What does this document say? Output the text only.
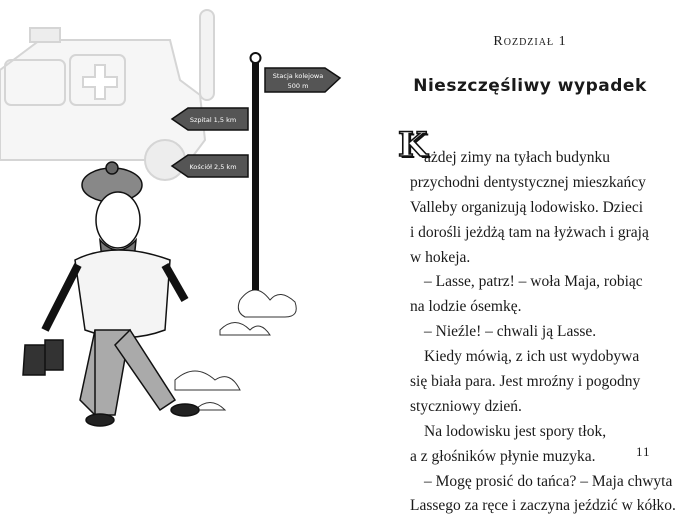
Stacja kolejowa
500 m
Szpital 1,5 km
Kościół 2,5 km
Rozdział 1
Nieszczęśliwy wypadek
K
ażdej zimy na tyłach budynku
przychodni dentystycznej mieszkańcy
Valleby organizują lodowisko. Dzieci
i dorośli jeżdżą tam na łyżwach i grają
w hokeja.
– Lasse, patrz! – woła Maja, robiąc
na lodzie ósemkę.
– Nieźle! – chwali ją Lasse.
Kiedy mówią, z ich ust wydobywa
się biała para. Jest mroźny i pogodny
styczniowy dzień.
Na lodowisku jest spory tłok,
a z głośników płynie muzyka.
– Mogę prosić do tańca? – Maja chwyta
Lassego za ręce i zaczyna jeździć w kółko.
11
